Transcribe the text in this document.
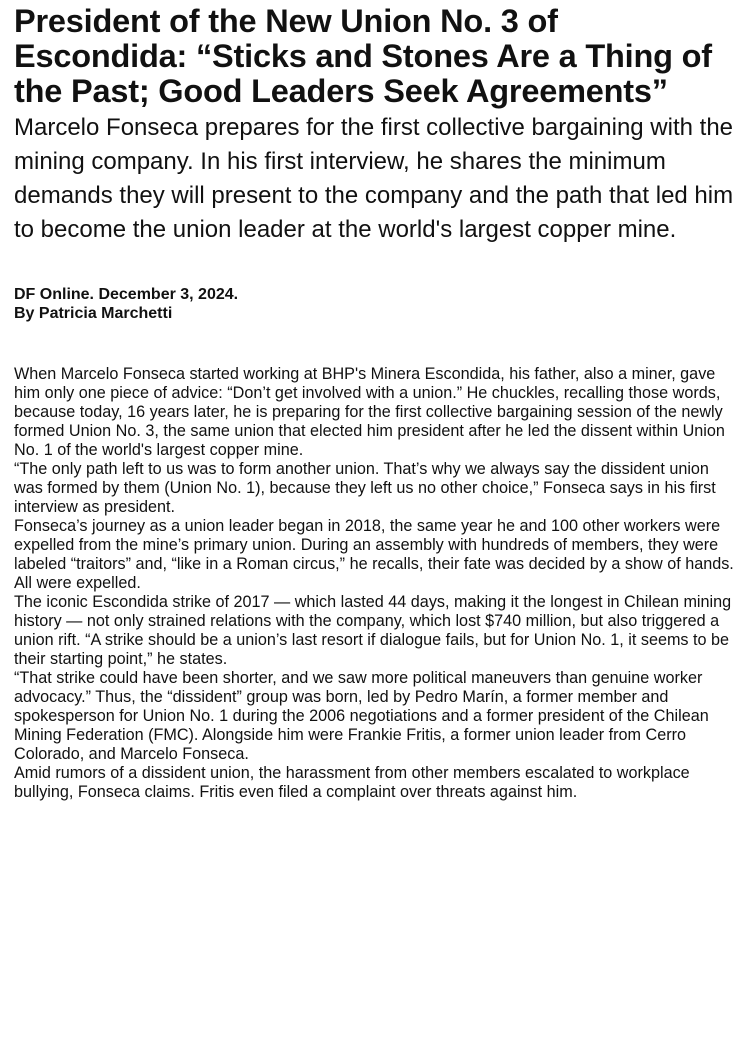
President of the New Union No. 3 of Escondida: “Sticks and Stones Are a Thing of the Past; Good Leaders Seek Agreements”
Marcelo Fonseca prepares for the first collective bargaining with the mining company. In his first interview, he shares the minimum demands they will present to the company and the path that led him to become the union leader at the world's largest copper mine.
DF Online. December 3, 2024.
By Patricia Marchetti

When Marcelo Fonseca started working at BHP's Minera Escondida, his father, also a miner, gave him only one piece of advice: “Don’t get involved with a union.” He chuckles, recalling those words, because today, 16 years later, he is preparing for the first collective bargaining session of the newly formed Union No. 3, the same union that elected him president after he led the dissent within Union No. 1 of the world's largest copper mine.

“The only path left to us was to form another union. That’s why we always say the dissident union was formed by them (Union No. 1), because they left us no other choice,” Fonseca says in his first interview as president.

Fonseca’s journey as a union leader began in 2018, the same year he and 100 other workers were expelled from the mine’s primary union. During an assembly with hundreds of members, they were labeled “traitors” and, “like in a Roman circus,” he recalls, their fate was decided by a show of hands. All were expelled.

The iconic Escondida strike of 2017 — which lasted 44 days, making it the longest in Chilean mining history — not only strained relations with the company, which lost $740 million, but also triggered a union rift. “A strike should be a union’s last resort if dialogue fails, but for Union No. 1, it seems to be their starting point,” he states.

“That strike could have been shorter, and we saw more political maneuvers than genuine worker advocacy.” Thus, the “dissident” group was born, led by Pedro Marín, a former member and spokesperson for Union No. 1 during the 2006 negotiations and a former president of the Chilean Mining Federation (FMC). Alongside him were Frankie Fritis, a former union leader from Cerro Colorado, and Marcelo Fonseca.

Amid rumors of a dissident union, the harassment from other members escalated to workplace bullying, Fonseca claims. Fritis even filed a complaint over threats against him.
